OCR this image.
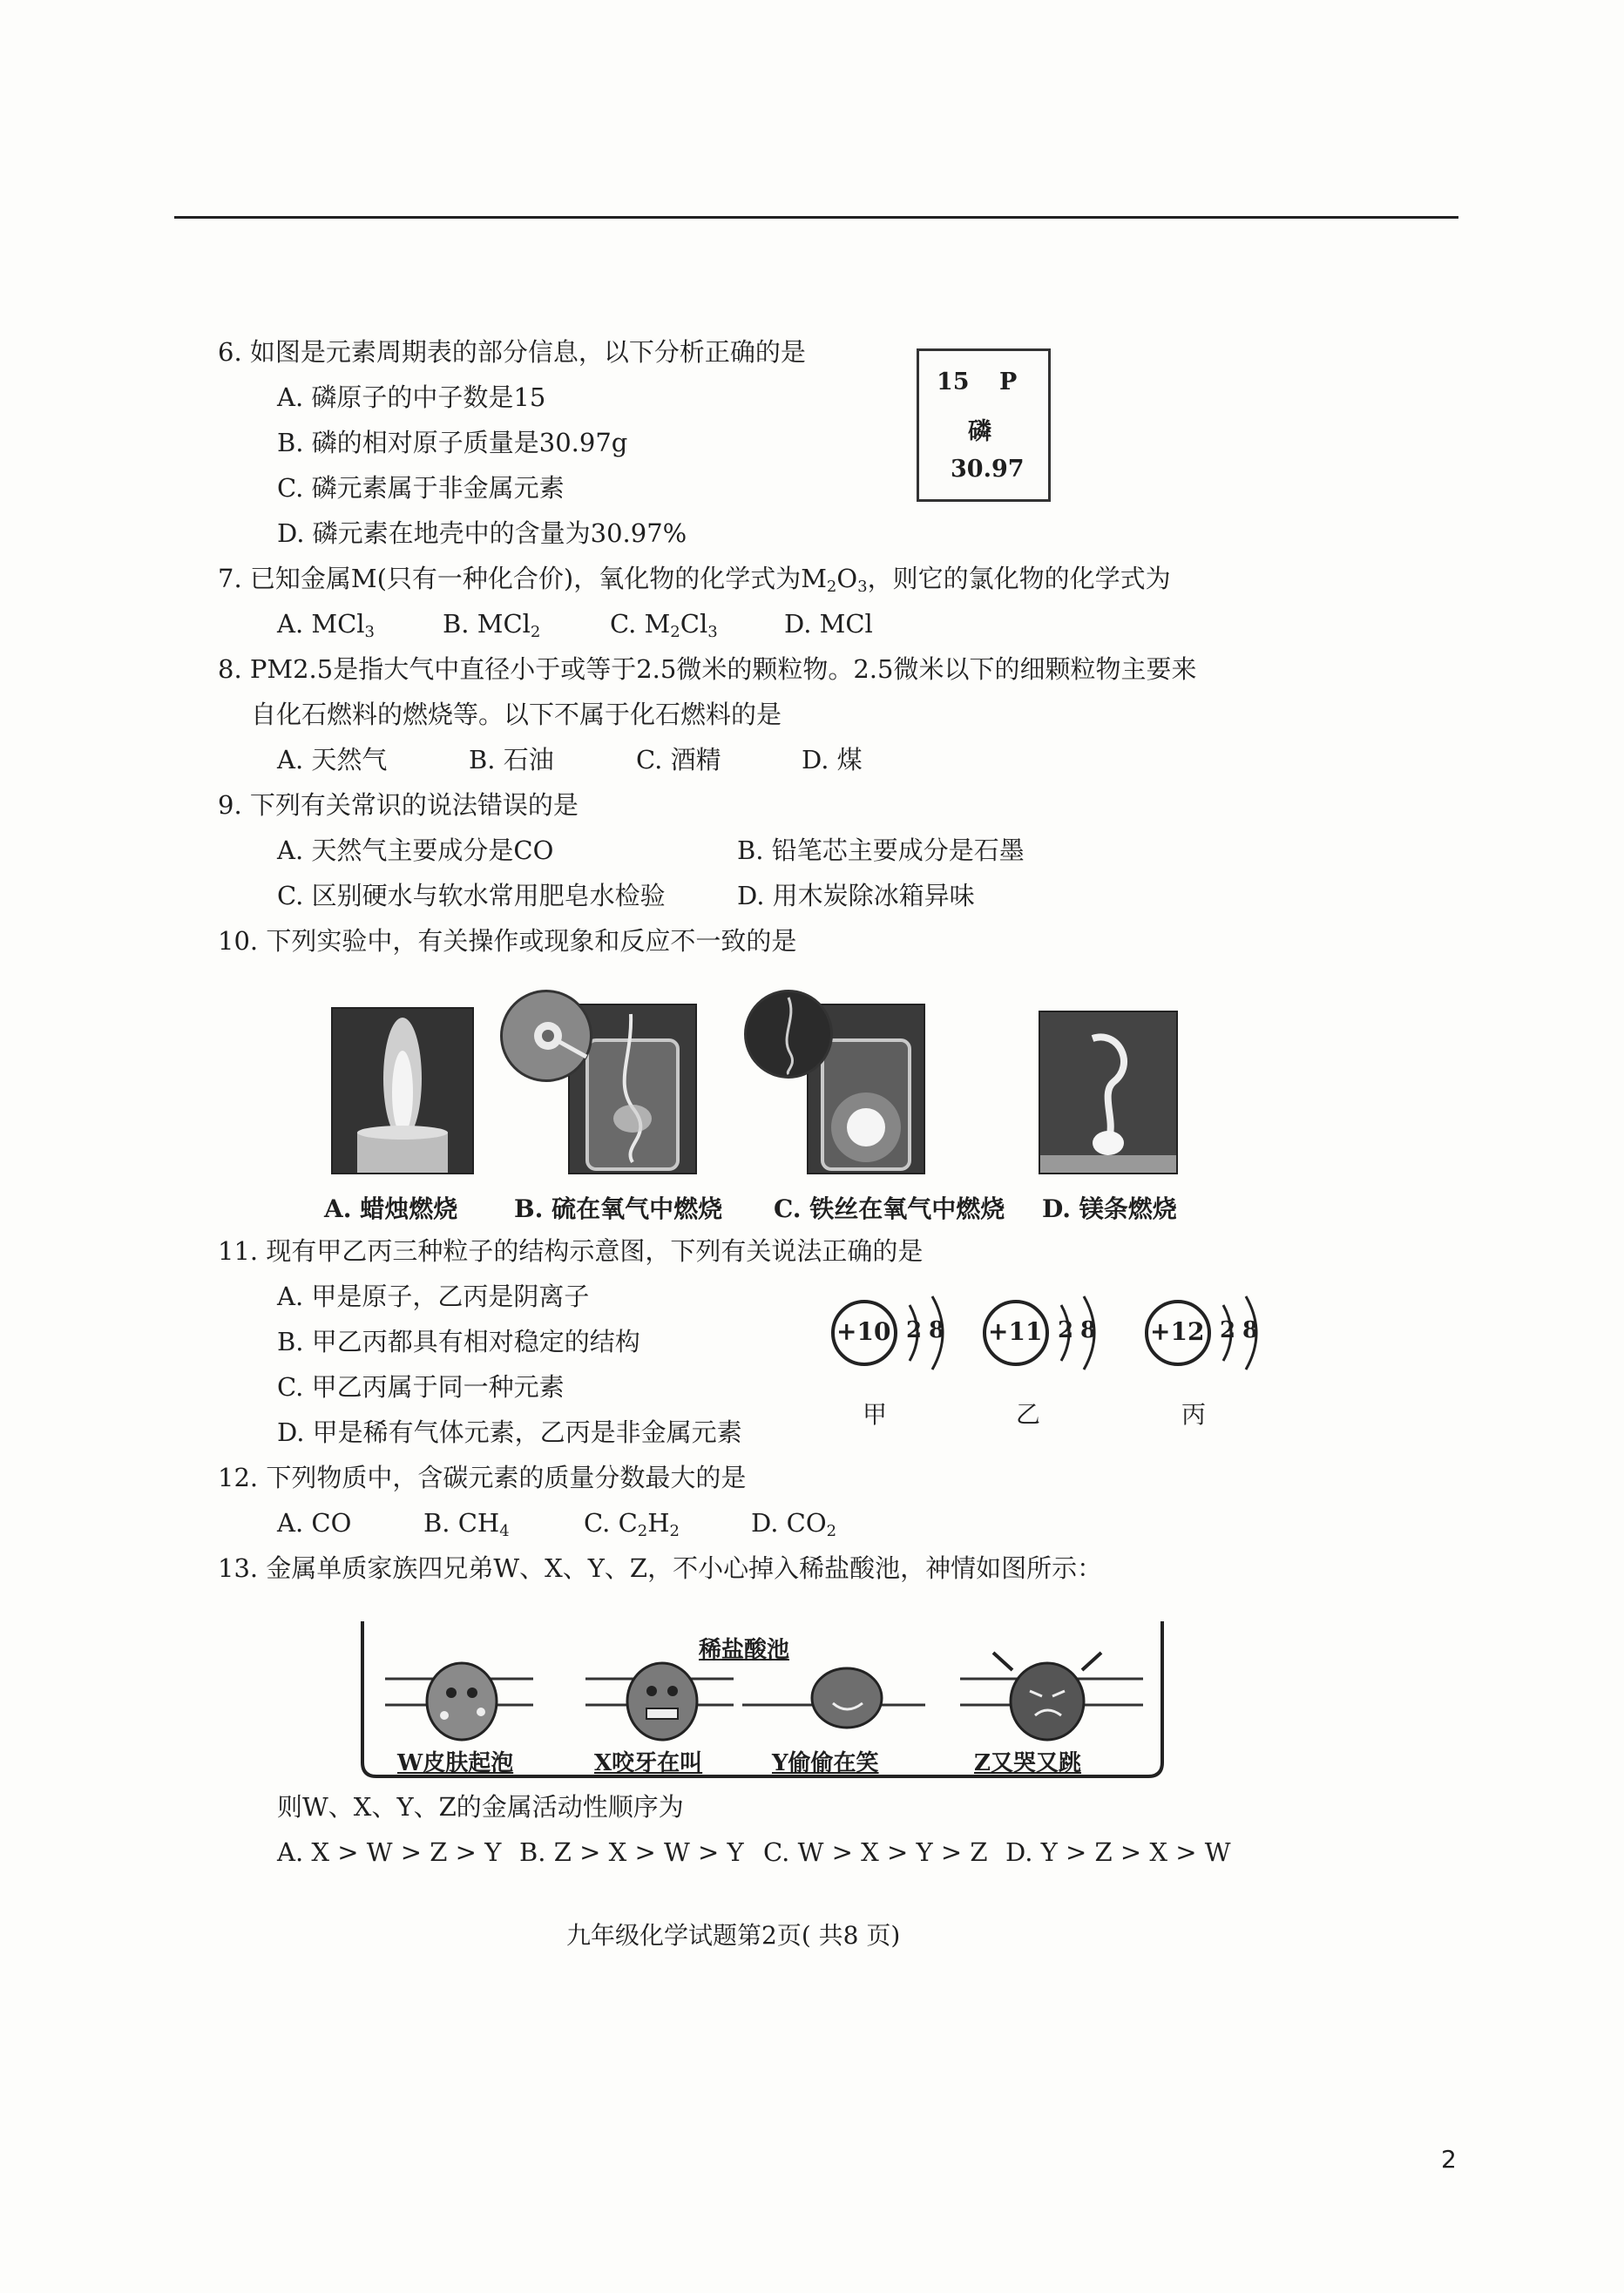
6. 如图是元素周期表的部分信息，以下分析正确的是
A. 磷原子的中子数是15
B. 磷的相对原子质量是30.97g
C. 磷元素属于非金属元素
D. 磷元素在地壳中的含量为30.97%
15 P
磷
30.97
7. 已知金属M(只有一种化合价)，氧化物的化学式为$M_2O_3$，则它的氯化物的化学式为
A. MCl$_3$	B. MCl$_2$	C. $M_2Cl_3$	D. MCl
8. PM2.5是指大气中直径小于或等于2.5微米的颗粒物。2.5微米以下的细颗粒物主要来
自化石燃料的燃烧等。以下不属于化石燃料的是
A. 天然气	B. 石油	C. 酒精	D. 煤
9. 下列有关常识的说法错误的是
A. 天然气主要成分是CO	B. 铅笔芯主要成分是石墨
C. 区别硬水与软水常用肥皂水检验	D. 用木炭除冰箱异味
10. 下列实验中，有关操作或现象和反应不一致的是
A. 蜡烛燃烧 B. 硫在氧气中燃烧 C. 铁丝在氧气中燃烧 D. 镁条燃烧
11. 现有甲乙丙三种粒子的结构示意图，下列有关说法正确的是
A. 甲是原子，乙丙是阴离子
B. 甲乙丙都具有相对稳定的结构
C. 甲乙丙属于同一种元素
D. 甲是稀有气体元素，乙丙是非金属元素
+10 2 8 +11 2 8 +12 2 8
甲	乙	丙
12. 下列物质中，含碳元素的质量分数最大的是
A. CO	B. $CH_4$	C. $C_2H_2$	D. $CO_2$
13. 金属单质家族四兄弟W、X、Y、Z，不小心掉入稀盐酸池，神情如图所示：
稀盐酸池
W皮肤起泡	X咬牙在叫	Y偷偷在笑	Z又哭又跳
则W、X、Y、Z的金属活动性顺序为
A. X > W > Z > Y B. Z > X > W > Y C. W > X > Y > Z D. Y > Z > X > W
九年级化学试题第2页( 共8 页)
2
